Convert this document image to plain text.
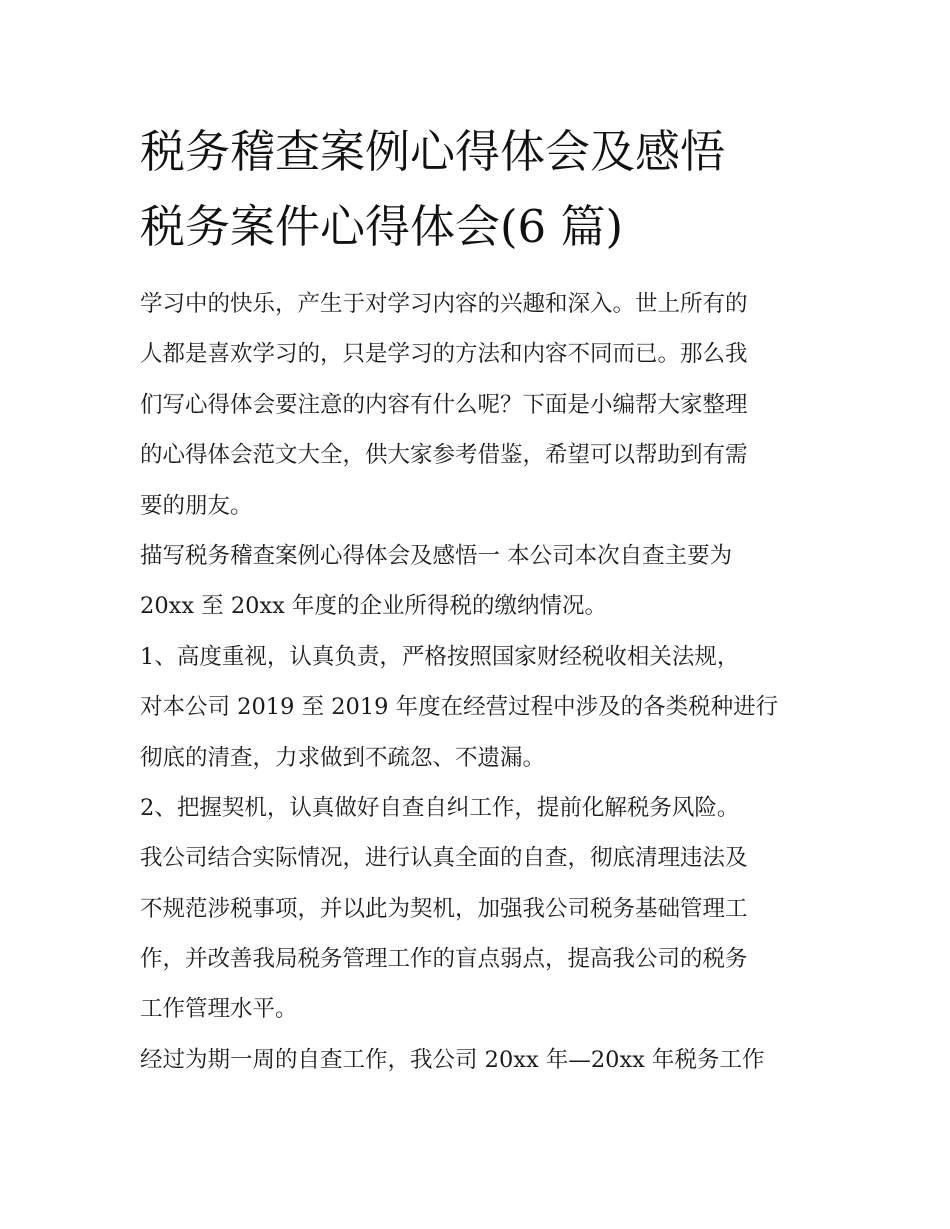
税务稽查案例心得体会及感悟
税务案件心得体会(6 篇)
学习中的快乐，产生于对学习内容的兴趣和深入。世上所有的
人都是喜欢学习的，只是学习的方法和内容不同而已。那么我
们写心得体会要注意的内容有什么呢？下面是小编帮大家整理
的心得体会范文大全，供大家参考借鉴，希望可以帮助到有需
要的朋友。
描写税务稽查案例心得体会及感悟一 本公司本次自查主要为
20xx 至 20xx 年度的企业所得税的缴纳情况。
1、高度重视，认真负责，严格按照国家财经税收相关法规，
对本公司 2019 至 2019 年度在经营过程中涉及的各类税种进行
彻底的清查，力求做到不疏忽、不遗漏。
2、把握契机，认真做好自查自纠工作，提前化解税务风险。
我公司结合实际情况，进行认真全面的自查，彻底清理违法及
不规范涉税事项，并以此为契机，加强我公司税务基础管理工
作，并改善我局税务管理工作的盲点弱点，提高我公司的税务
工作管理水平。
经过为期一周的自查工作，我公司 20xx 年—20xx 年税务工作
